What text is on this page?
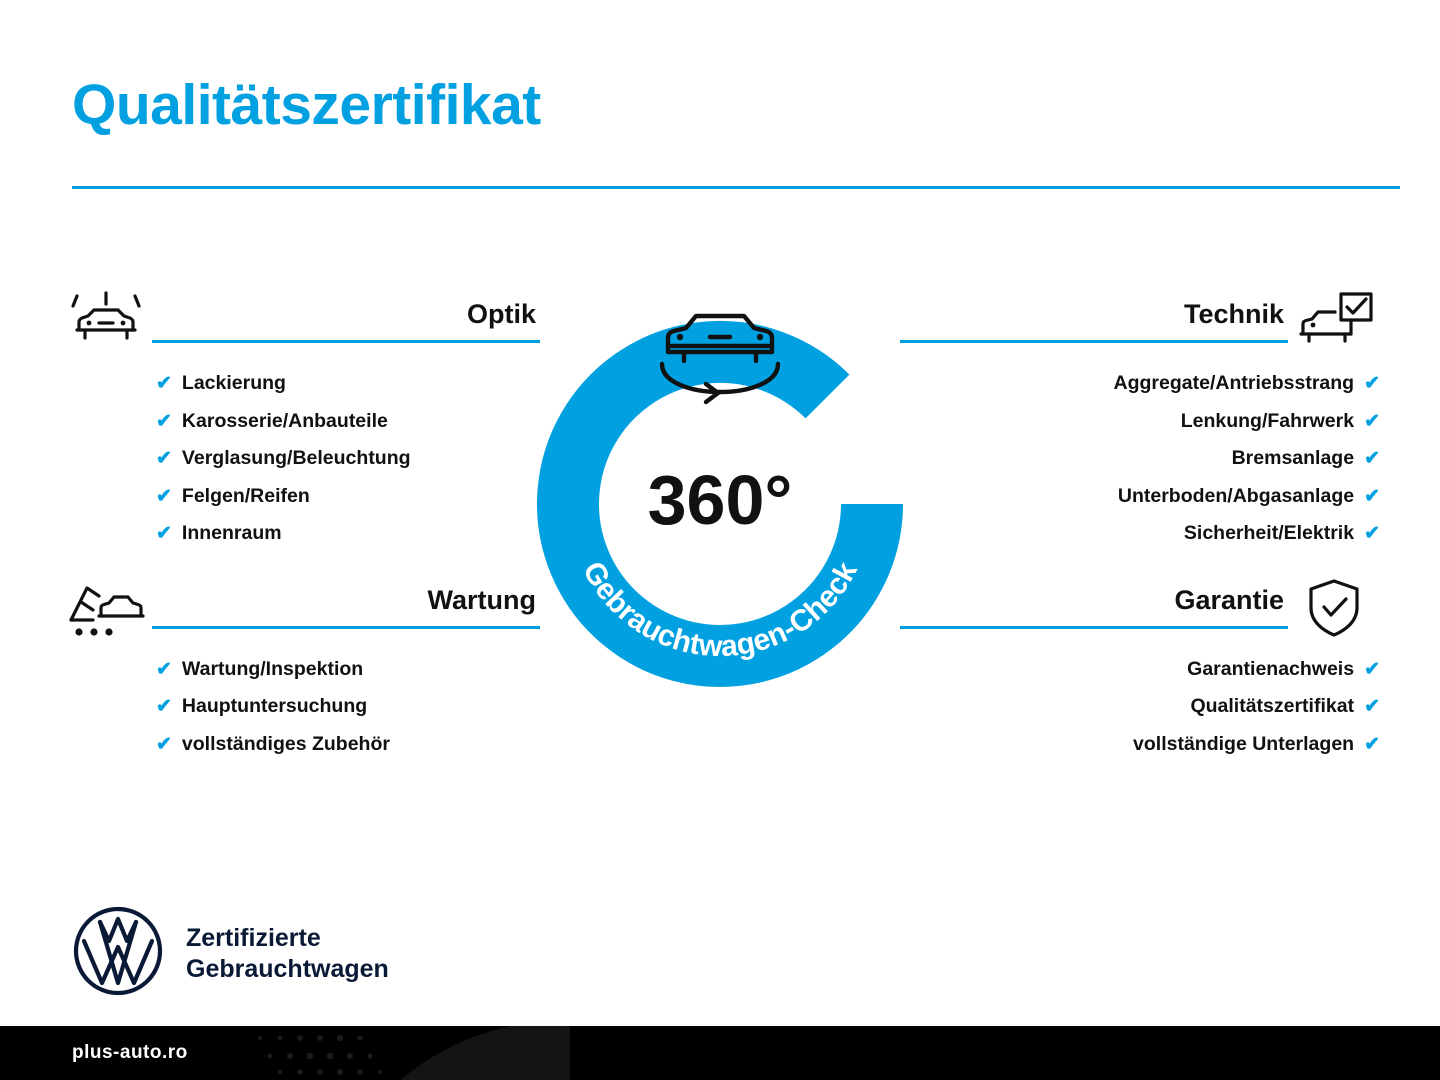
Qualitätszertifikat
Optik
✔ Lackierung
✔ Karosserie/Anbauteile
✔ Verglasung/Beleuchtung
✔ Felgen/Reifen
✔ Innenraum
Wartung
✔ Wartung/Inspektion
✔ Hauptuntersuchung
✔ vollständiges Zubehör
Technik
✔
Aggregate/Antriebsstrang
✔
Lenkung/Fahrwerk
✔
Bremsanlage
✔
Unterboden/Abgasanlage
✔
Sicherheit/Elektrik
Garantie
✔
Garantienachweis
✔
Qualitätszertifikat
✔
vollständige Unterlagen
360°
Gebrauchtwagen-Check
Zertifizierte
Gebrauchtwagen
plus-auto.ro
